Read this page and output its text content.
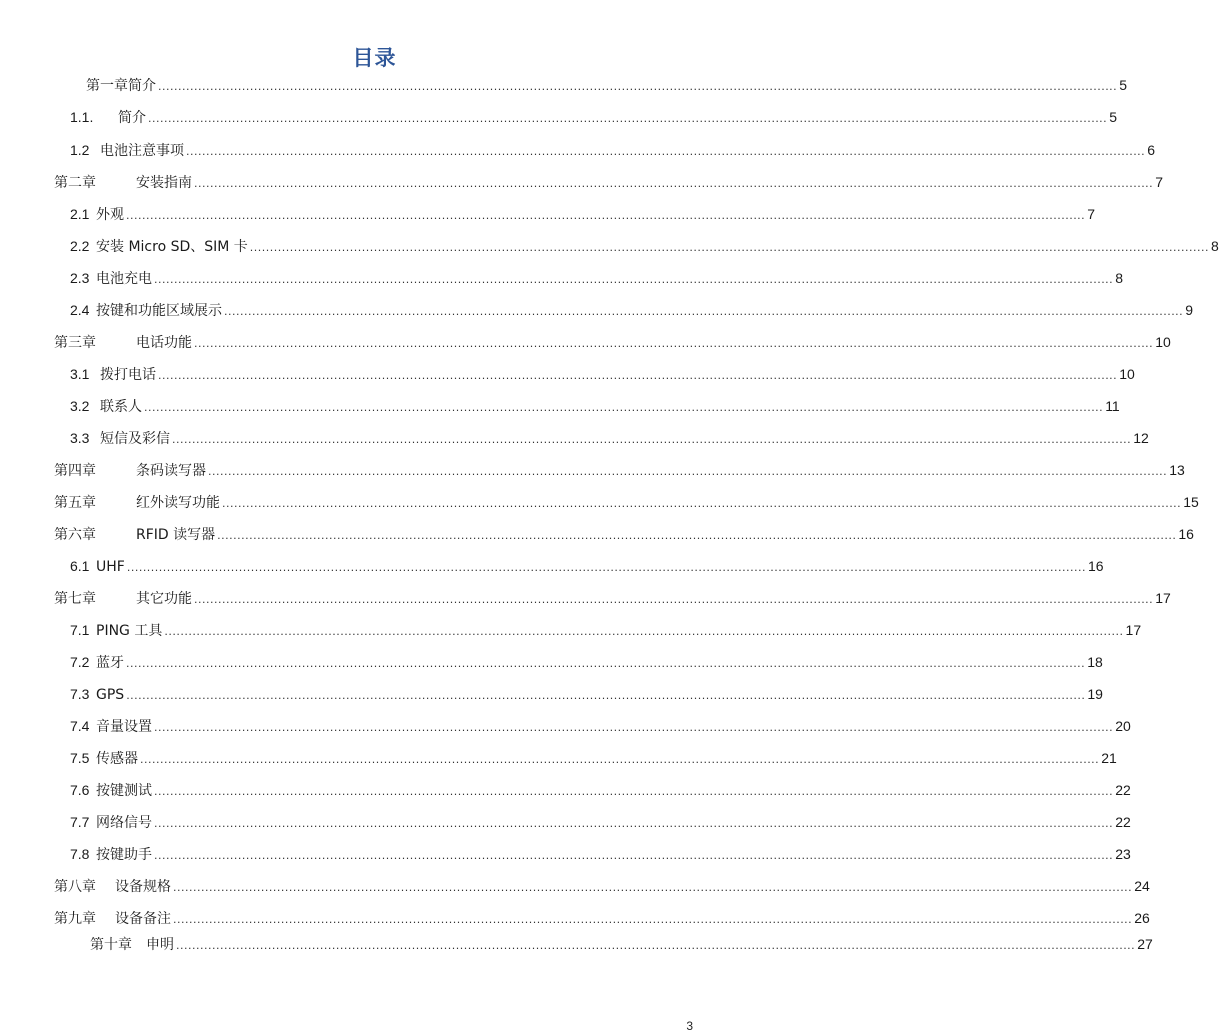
目录
第一章简介 ................................................................................................................................................................................................................................................ 5
1.1.	简介 ................................................................................................................................................................................................................................................ 5
1.2 电池注意事项 ................................................................................................................................................................................................................................................ 6
第二章	安装指南 ................................................................................................................................................................................................................................................ 7
2.1 外观 ................................................................................................................................................................................................................................................ 7
2.2 安装 Micro SD、SIM 卡 ................................................................................................................................................................................................................................................ 8
2.3 电池充电 ................................................................................................................................................................................................................................................ 8
2.4 按键和功能区域展示 ................................................................................................................................................................................................................................................ 9
第三章	电话功能 ................................................................................................................................................................................................................................................ 10
3.1 拨打电话 ................................................................................................................................................................................................................................................ 10
3.2 联系人 ................................................................................................................................................................................................................................................ 11
3.3 短信及彩信 ................................................................................................................................................................................................................................................ 12
第四章	条码读写器 ................................................................................................................................................................................................................................................ 13
第五章	红外读写功能 ................................................................................................................................................................................................................................................ 15
第六章	RFID 读写器 ................................................................................................................................................................................................................................................ 16
6.1 UHF ................................................................................................................................................................................................................................................ 16
第七章	其它功能 ................................................................................................................................................................................................................................................ 17
7.1 PING 工具 ................................................................................................................................................................................................................................................ 17
7.2 蓝牙 ................................................................................................................................................................................................................................................ 18
7.3 GPS ................................................................................................................................................................................................................................................ 19
7.4 音量设置 ................................................................................................................................................................................................................................................ 20
7.5 传感器 ................................................................................................................................................................................................................................................ 21
7.6 按键测试 ................................................................................................................................................................................................................................................ 22
7.7 网络信号 ................................................................................................................................................................................................................................................ 22
7.8 按键助手 ................................................................................................................................................................................................................................................ 23
第八章	设备规格 ................................................................................................................................................................................................................................................ 24
第九章	设备备注 ................................................................................................................................................................................................................................................ 26
第十章	申明 ................................................................................................................................................................................................................................................ 27
3
